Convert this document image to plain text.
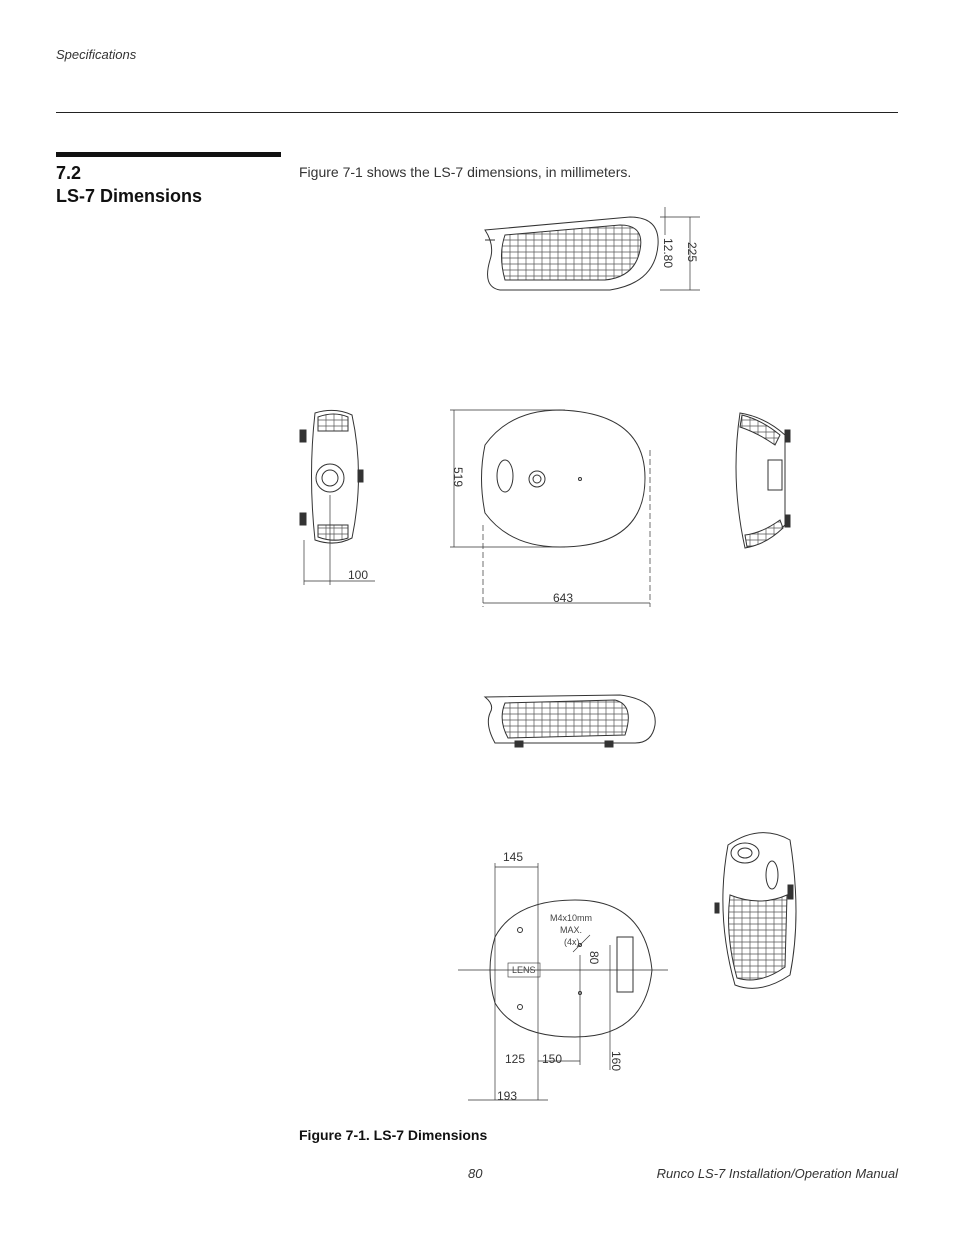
Specifications
7.2
LS-7 Dimensions
Figure 7-1 shows the LS-7 dimensions, in millimeters.
12.80 225
100
519
643
145
M4x10mm
MAX.
(4x)
80
LENS
125 150	160
193
Figure 7-1. LS-7 Dimensions
80	Runco LS-7 Installation/Operation Manual
